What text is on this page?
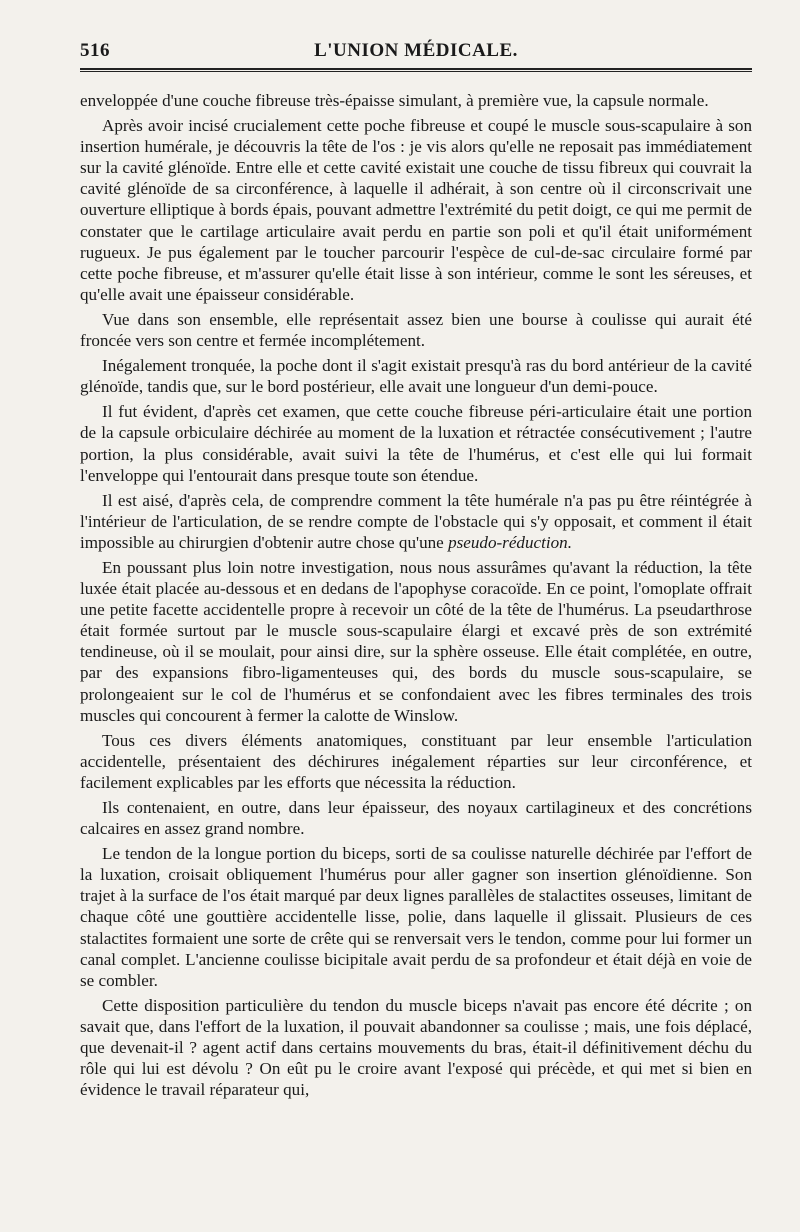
516	L'UNION MÉDICALE.

enveloppée d'une couche fibreuse très-épaisse simulant, à première vue, la capsule normale.

Après avoir incisé crucialement cette poche fibreuse et coupé le muscle sous-scapulaire à son insertion humérale, je découvris la tête de l'os : je vis alors qu'elle ne reposait pas immédiatement sur la cavité glénoïde. Entre elle et cette cavité existait une couche de tissu fibreux qui couvrait la cavité glénoïde de sa circonférence, à laquelle il adhérait, à son centre où il circonscrivait une ouverture elliptique à bords épais, pouvant admettre l'extrémité du petit doigt, ce qui me permit de constater que le cartilage articulaire avait perdu en partie son poli et qu'il était uniformément rugueux. Je pus également par le toucher parcourir l'espèce de cul-de-sac circulaire formé par cette poche fibreuse, et m'assurer qu'elle était lisse à son intérieur, comme le sont les séreuses, et qu'elle avait une épaisseur considérable.

Vue dans son ensemble, elle représentait assez bien une bourse à coulisse qui aurait été froncée vers son centre et fermée incomplétement.

Inégalement tronquée, la poche dont il s'agit existait presqu'à ras du bord antérieur de la cavité glénoïde, tandis que, sur le bord postérieur, elle avait une longueur d'un demi-pouce.

Il fut évident, d'après cet examen, que cette couche fibreuse péri-articulaire était une portion de la capsule orbiculaire déchirée au moment de la luxation et rétractée consécutivement ; l'autre portion, la plus considérable, avait suivi la tête de l'humérus, et c'est elle qui lui formait l'enveloppe qui l'entourait dans presque toute son étendue.

Il est aisé, d'après cela, de comprendre comment la tête humérale n'a pas pu être réintégrée à l'intérieur de l'articulation, de se rendre compte de l'obstacle qui s'y opposait, et comment il était impossible au chirurgien d'obtenir autre chose qu'une pseudo-réduction.

En poussant plus loin notre investigation, nous nous assurâmes qu'avant la réduction, la tête luxée était placée au-dessous et en dedans de l'apophyse coracoïde. En ce point, l'omoplate offrait une petite facette accidentelle propre à recevoir un côté de la tête de l'humérus. La pseudarthrose était formée surtout par le muscle sous-scapulaire élargi et excavé près de son extrémité tendineuse, où il se moulait, pour ainsi dire, sur la sphère osseuse. Elle était complétée, en outre, par des expansions fibro-ligamenteuses qui, des bords du muscle sous-scapulaire, se prolongeaient sur le col de l'humérus et se confondaient avec les fibres terminales des trois muscles qui concourent à fermer la calotte de Winslow.

Tous ces divers éléments anatomiques, constituant par leur ensemble l'articulation accidentelle, présentaient des déchirures inégalement réparties sur leur circonférence, et facilement explicables par les efforts que nécessita la réduction.

Ils contenaient, en outre, dans leur épaisseur, des noyaux cartilagineux et des concrétions calcaires en assez grand nombre.

Le tendon de la longue portion du biceps, sorti de sa coulisse naturelle déchirée par l'effort de la luxation, croisait obliquement l'humérus pour aller gagner son insertion glénoïdienne. Son trajet à la surface de l'os était marqué par deux lignes parallèles de stalactites osseuses, limitant de chaque côté une gouttière accidentelle lisse, polie, dans laquelle il glissait. Plusieurs de ces stalactites formaient une sorte de crête qui se renversait vers le tendon, comme pour lui former un canal complet. L'ancienne coulisse bicipitale avait perdu de sa profondeur et était déjà en voie de se combler.

Cette disposition particulière du tendon du muscle biceps n'avait pas encore été décrite ; on savait que, dans l'effort de la luxation, il pouvait abandonner sa coulisse ; mais, une fois déplacé, que devenait-il ? agent actif dans certains mouvements du bras, était-il définitivement déchu du rôle qui lui est dévolu ? On eût pu le croire avant l'exposé qui précède, et qui met si bien en évidence le travail réparateur qui,
